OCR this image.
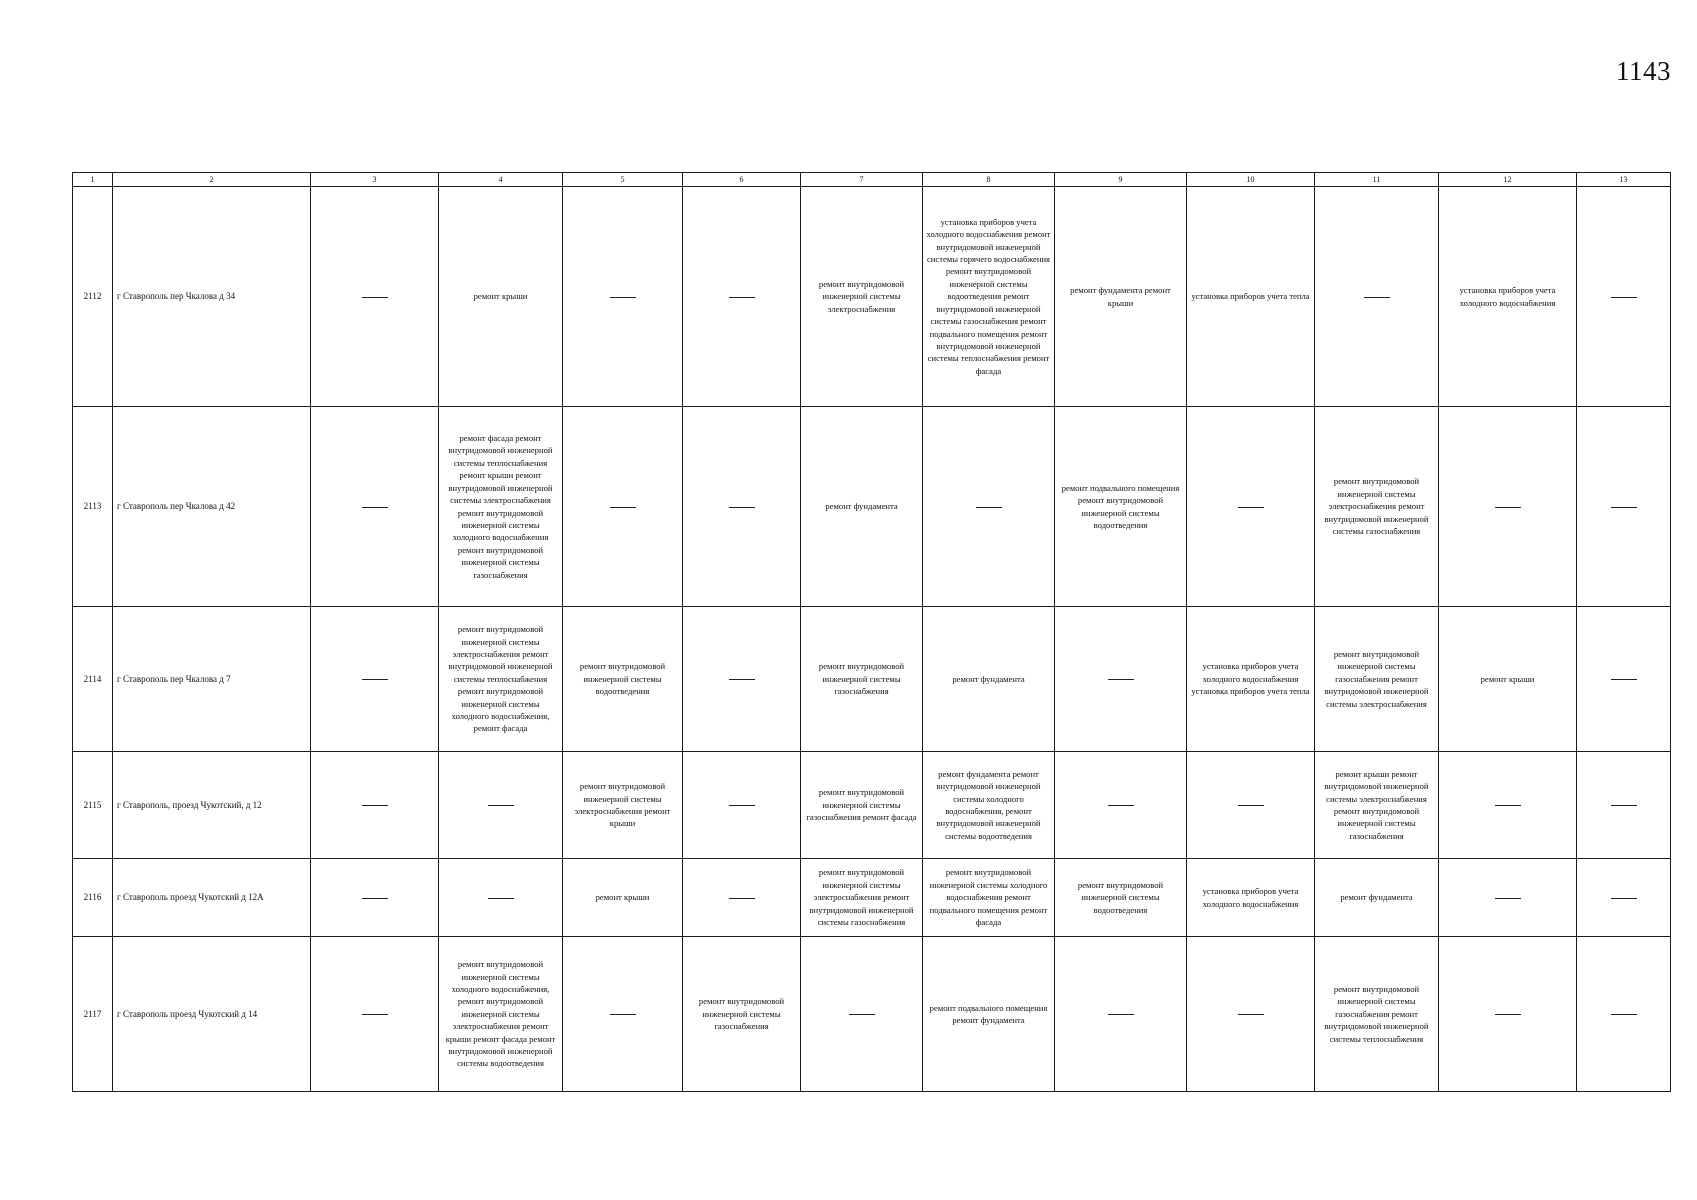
1143
1	2	3	4	5	6	7	8	9	10	11	12	13
2112	г Ставрополь пер Чкалова д 34		ремонт крыши			ремонт внутридомовой инженерной системы электроснабжения	установка приборов учета холодного водоснабжения ремонт внутридомовой инженерной системы горячего водоснабжения ремонт внутридомовой инженерной системы водоотведения ремонт внутридомовой инженерной системы газоснабжения ремонт подвального помещения ремонт внутридомовой инженерной системы теплоснабжения ремонт фасада	ремонт фундамента ремонт крыши	установка приборов учета тепла		установка приборов учета холодного водоснабжения	
2113	г Ставрополь пер Чкалова д 42		ремонт фасада ремонт внутридомовой инженерной системы теплоснабжения ремонт крыши ремонт внутридомовой инженерной системы электроснабжения ремонт внутридомовой инженерной системы холодного водоснабжения ремонт внутридомовой инженерной системы газоснабжения			ремонт фундамента		ремонт подвального помещения ремонт внутридомовой инженерной системы водоотведения		ремонт внутридомовой инженерной системы электроснабжения ремонт внутридомовой инженерной системы газоснабжения		
2114	г Ставрополь пер Чкалова д 7		ремонт внутридомовой инженерной системы электроснабжения ремонт внутридомовой инженерной системы теплоснабжения ремонт внутридомовой инженерной системы холодного водоснабжения, ремонт фасада	ремонт внутридомовой инженерной системы водоотведения		ремонт внутридомовой инженерной системы газоснабжения	ремонт фундамента		установка приборов учета холодного водоснабжения установка приборов учета тепла	ремонт внутридомовой инженерной системы газоснабжения ремонт внутридомовой инженерной системы электроснабжения	ремонт крыши	
2115	г Ставрополь, проезд Чукотский, д 12			ремонт внутридомовой инженерной системы электроснабжения ремонт крыши		ремонт внутридомовой инженерной системы газоснабжения ремонт фасада	ремонт фундамента ремонт внутридомовой инженерной системы холодного водоснабжения, ремонт внутридомовой инженерной системы водоотведения			ремонт крыши ремонт внутридомовой инженерной системы электроснабжения ремонт внутридомовой инженерной системы газоснабжения		
2116	г Ставрополь проезд Чукотский д 12А			ремонт крыши		ремонт внутридомовой инженерной системы электроснабжения ремонт внутридомовой инженерной системы газоснабжения	ремонт внутридомовой инженерной системы холодного водоснабжения ремонт подвального помещения ремонт фасада	ремонт внутридомовой инженерной системы водоотведения	установка приборов учета холодного водоснабжения	ремонт фундамента		
2117	г Ставрополь проезд Чукотский д 14		ремонт внутридомовой инженерной системы холодного водоснабжения, ремонт внутридомовой инженерной системы электроснабжения ремонт крыши ремонт фасада ремонт внутридомовой инженерной системы водоотведения		ремонт внутридомовой инженерной системы газоснабжения		ремонт подвального помещения ремонт фундамента			ремонт внутридомовой инженерной системы газоснабжения ремонт внутридомовой инженерной системы теплоснабжения		
